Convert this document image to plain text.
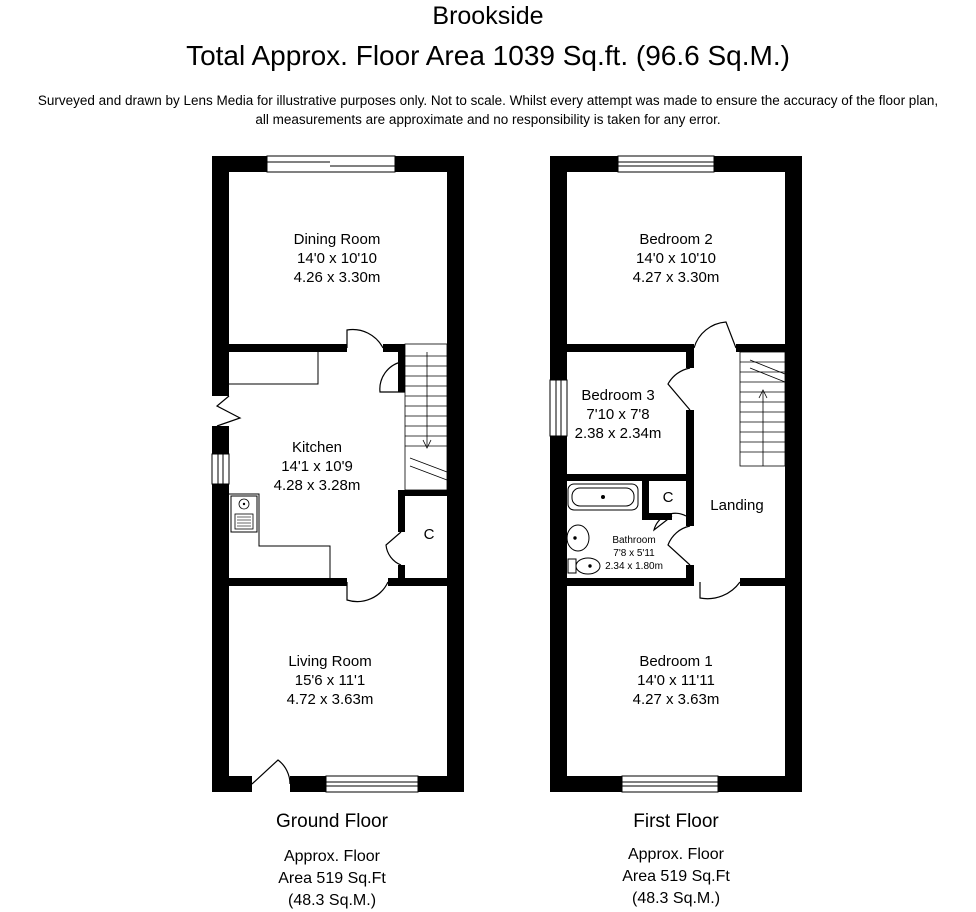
Brookside
Total Approx. Floor Area 1039 Sq.ft. (96.6 Sq.M.)
Surveyed and drawn by Lens Media for illustrative purposes only. Not to scale. Whilst every attempt was made to ensure the accuracy of the floor plan,
all measurements are approximate and no responsibility is taken for any error.
Dining Room
14'0 x 10'10
4.26 x 3.30m
Kitchen
14'1 x 10'9
4.28 x 3.28m
C
Living Room
15'6 x 11'1
4.72 x 3.63m
Ground Floor
Approx. Floor
Area 519 Sq.Ft
(48.3 Sq.M.)
Bedroom 2
14'0 x 10'10
4.27 x 3.30m
Bedroom 3
7'10 x 7'8
2.38 x 2.34m
C Landing
Bathroom
7'8 x 5'11
2.34 x 1.80m
Bedroom 1
14'0 x 11'11
4.27 x 3.63m
First Floor
Approx. Floor
Area 519 Sq.Ft
(48.3 Sq.M.)
